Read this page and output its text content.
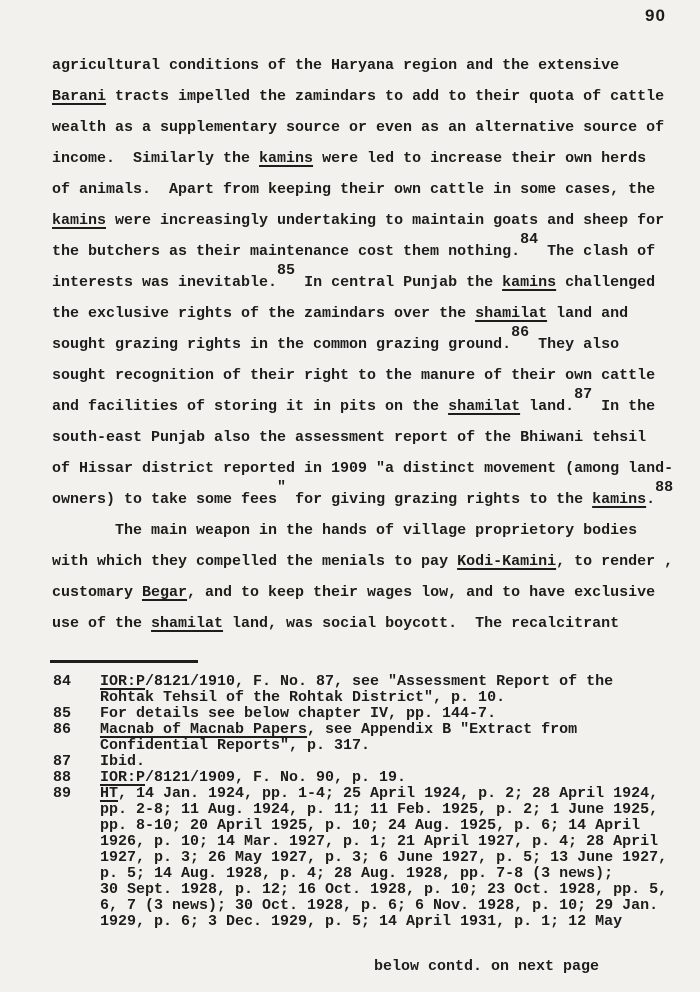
90
agricultural conditions of the Haryana region and the extensive
Barani tracts impelled the zamindars to add to their quota of cattle
wealth as a supplementary source or even as an alternative source of
income.  Similarly the kamins were led to increase their own herds
of animals.  Apart from keeping their own cattle in some cases, the
kamins were increasingly undertaking to maintain goats and sheep for
the butchers as their maintenance cost them nothing.84 The clash of
interests was inevitable.85 In central Punjab the kamins challenged
the exclusive rights of the zamindars over the shamilat land and
sought grazing rights in the common grazing ground.86 They also
sought recognition of their right to the manure of their own cattle
and facilities of storing it in pits on the shamilat land.87 In the
south-east Punjab also the assessment report of the Bhiwani tehsil
of Hissar district reported in 1909 "a distinct movement (among land-
owners) to take some fees" for giving grazing rights to the kamins.88
The main weapon in the hands of village proprietory bodies
with which they compelled the menials to pay Kodi-Kamini, to render ,
customary Begar, and to keep their wages low, and to have exclusive
use of the shamilat land, was social boycott.  The recalcitrant
84	IOR:P/8121/1910, F. No. 87, see "Assessment Report of the
Rohtak Tehsil of the Rohtak District", p. 10.
85	For details see below chapter IV, pp. 144-7.
86	Macnab of Macnab Papers, see Appendix B "Extract from
Confidential Reports", p. 317.
87	Ibid.
88	IOR:P/8121/1909, F. No. 90, p. 19.
89	HT, 14 Jan. 1924, pp. 1-4; 25 April 1924, p. 2; 28 April 1924,
pp. 2-8; 11 Aug. 1924, p. 11; 11 Feb. 1925, p. 2; 1 June 1925,
pp. 8-10; 20 April 1925, p. 10; 24 Aug. 1925, p. 6; 14 April
1926, p. 10; 14 Mar. 1927, p. 1; 21 April 1927, p. 4; 28 April
1927, p. 3; 26 May 1927, p. 3; 6 June 1927, p. 5; 13 June 1927,
p. 5; 14 Aug. 1928, p. 4; 28 Aug. 1928, pp. 7-8 (3 news);
30 Sept. 1928, p. 12; 16 Oct. 1928, p. 10; 23 Oct. 1928, pp. 5,
6, 7 (3 news); 30 Oct. 1928, p. 6; 6 Nov. 1928, p. 10; 29 Jan.
1929, p. 6; 3 Dec. 1929, p. 5; 14 April 1931, p. 1; 12 May
below contd. on next page
